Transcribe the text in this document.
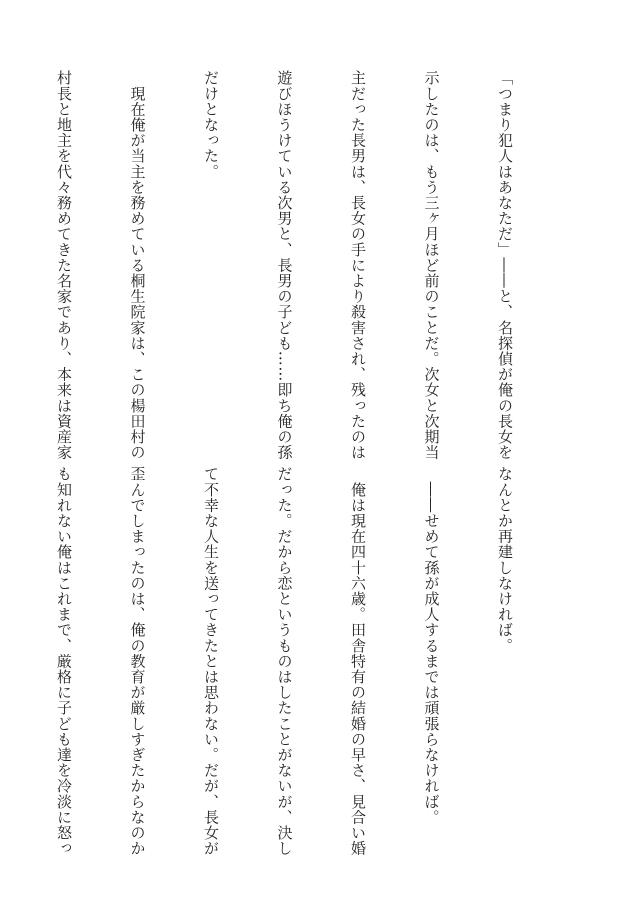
「つまり犯人はあなただ」――と、名探偵が俺の長女を

示したのは、もう三ヶ月ほど前のことだ。次女と次期当

主だった長男は、長女の手により殺害され、残ったのは

遊びほうけている次男と、長男の子ども……即ち俺の孫

だけとなった。

　現在俺が当主を務めている桐生院家は、この楊田村の

村長と地主を代々務めてきた名家であり、本来は資産家

なんとか再建しなければ。

　――せめて孫が成人するまでは頑張らなければ。

　俺は現在四十六歳。田舎特有の結婚の早さ、見合い婚

だった。だから恋というものはしたことがないが、決し

て不幸な人生を送ってきたとは思わない。だが、長女が

歪んでしまったのは、俺の教育が厳しすぎたからなのか

も知れない俺はこれまで、厳格に子ども達を冷淡に怒っ
